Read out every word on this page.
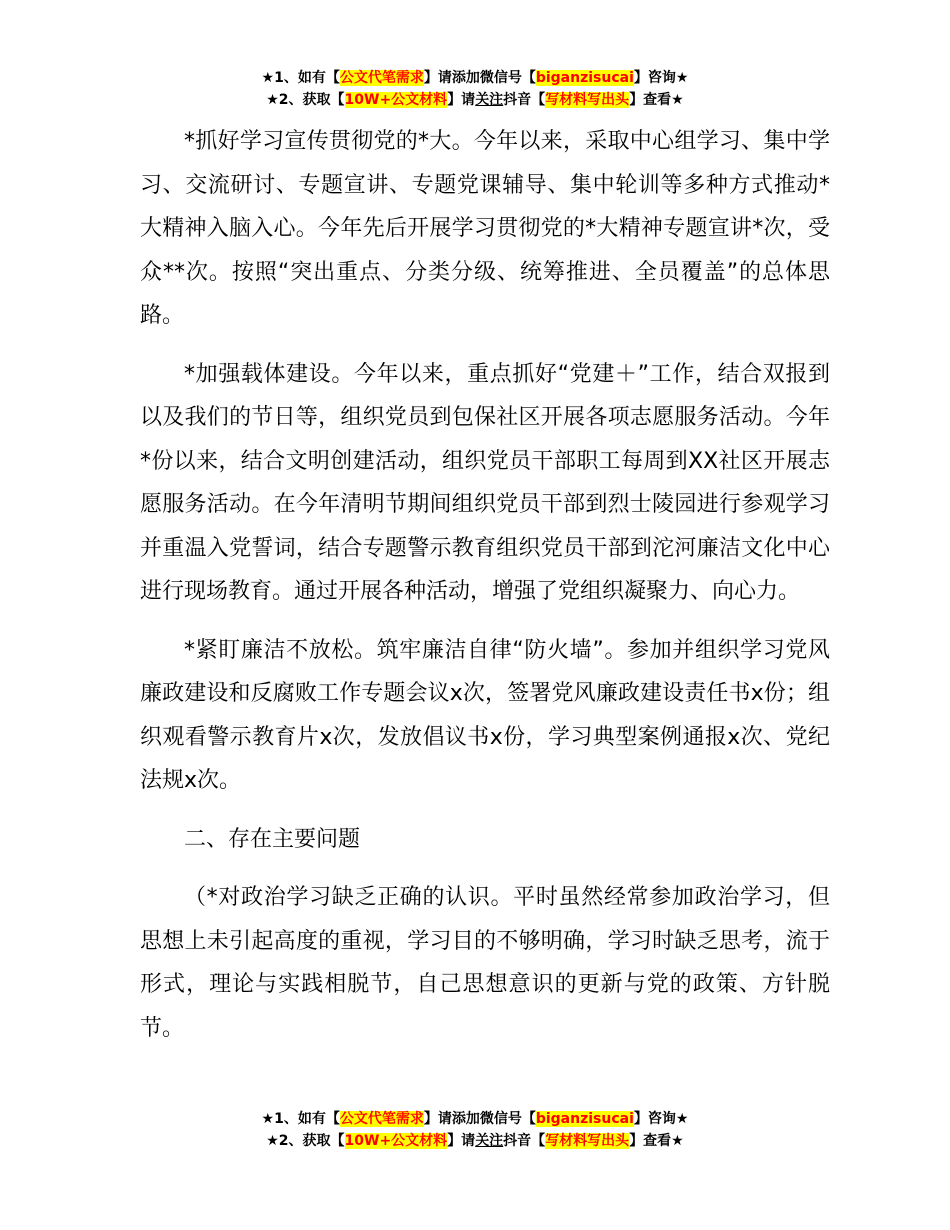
★1、如有【公文代笔需求】请添加微信号【biganzisucai】咨询★
★2、获取【10W+公文材料】请关注抖音【写材料写出头】查看★

*抓好学习宣传贯彻党的*大。今年以来，采取中心组学习、集中学习、交流研讨、专题宣讲、专题党课辅导、集中轮训等多种方式推动*大精神入脑入心。今年先后开展学习贯彻党的*大精神专题宣讲*次，受众**次。按照“突出重点、分类分级、统筹推进、全员覆盖”的总体思路。

*加强载体建设。今年以来，重点抓好“党建＋”工作，结合双报到以及我们的节日等，组织党员到包保社区开展各项志愿服务活动。今年*份以来，结合文明创建活动，组织党员干部职工每周到XX社区开展志愿服务活动。在今年清明节期间组织党员干部到烈士陵园进行参观学习并重温入党誓词，结合专题警示教育组织党员干部到沱河廉洁文化中心进行现场教育。通过开展各种活动，增强了党组织凝聚力、向心力。

*紧盯廉洁不放松。筑牢廉洁自律“防火墙”。参加并组织学习党风廉政建设和反腐败工作专题会议x次，签署党风廉政建设责任书x份；组织观看警示教育片x次，发放倡议书x份，学习典型案例通报x次、党纪法规x次。

二、存在主要问题

（*对政治学习缺乏正确的认识。平时虽然经常参加政治学习，但思想上未引起高度的重视，学习目的不够明确，学习时缺乏思考，流于形式，理论与实践相脱节，自己思想意识的更新与党的政策、方针脱节。

★1、如有【公文代笔需求】请添加微信号【biganzisucai】咨询★
★2、获取【10W+公文材料】请关注抖音【写材料写出头】查看★
